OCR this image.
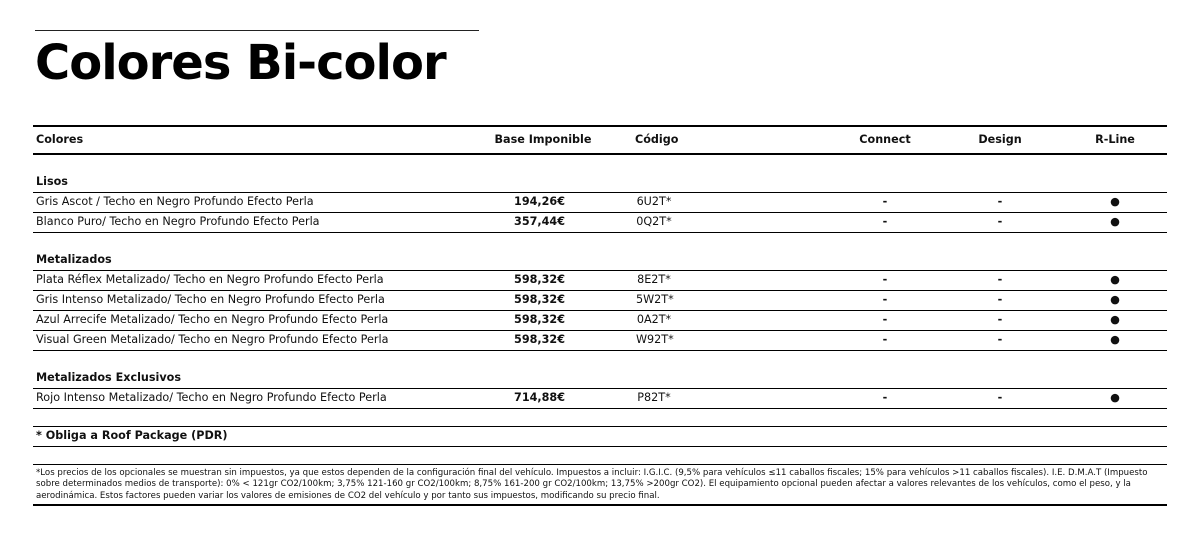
Colores Bi-color
Colores	Base Imponible	Código	Connect	Design	R-Line
Lisos
Gris Ascot / Techo en Negro Profundo Efecto Perla	194,26€	6U2T*	-	-	●
Blanco Puro/ Techo en Negro Profundo Efecto Perla	357,44€	0Q2T*	-	-	●
Metalizados
Plata Réflex Metalizado/ Techo en Negro Profundo Efecto Perla	598,32€	8E2T*	-	-	●
Gris Intenso Metalizado/ Techo en Negro Profundo Efecto Perla	598,32€	5W2T*	-	-	●
Azul Arrecife Metalizado/ Techo en Negro Profundo Efecto Perla	598,32€	0A2T*	-	-	●
Visual Green Metalizado/ Techo en Negro Profundo Efecto Perla	598,32€	W92T*	-	-	●
Metalizados Exclusivos
Rojo Intenso Metalizado/ Techo en Negro Profundo Efecto Perla	714,88€	P82T*	-	-	●
* Obliga a Roof Package (PDR)
*Los precios de los opcionales se muestran sin impuestos, ya que estos dependen de la configuración final del vehículo. Impuestos a incluir: I.G.I.C. (9,5% para vehículos ≤11 caballos fiscales; 15% para vehículos >11 caballos fiscales). I.E. D.M.A.T (Impuesto sobre determinados medios de transporte): 0% < 121gr CO2/100km; 3,75% 121-160 gr CO2/100km; 8,75% 161-200 gr CO2/100km; 13,75% >200gr CO2). El equipamiento opcional pueden afectar a valores relevantes de los vehículos, como el peso, y la aerodinámica. Estos factores pueden variar los valores de emisiones de CO2 del vehículo y por tanto sus impuestos, modificando su precio final.
